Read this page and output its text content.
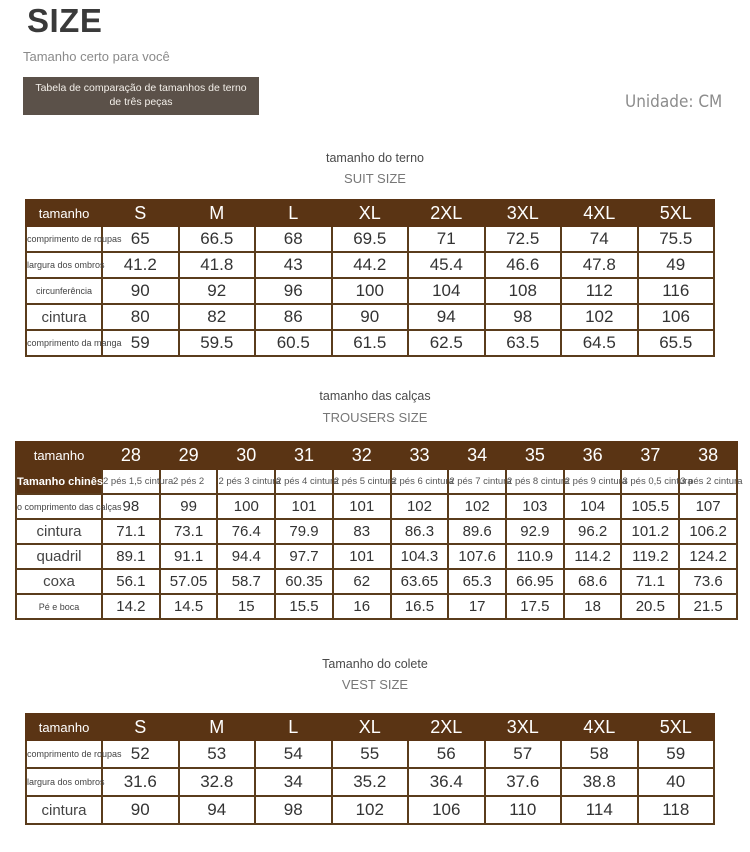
SIZE
Tamanho certo para você
Tabela de comparação de tamanhos de terno de três peças	Unidade: CM
tamanho do terno
SUIT SIZE
tamanho	S	M	L	XL	2XL	3XL	4XL	5XL
comprimento de roupas	65	66.5	68	69.5	71	72.5	74	75.5
largura dos ombros	41.2	41.8	43	44.2	45.4	46.6	47.8	49
circunferência	90	92	96	100	104	108	112	116
cintura	80	82	86	90	94	98	102	106
comprimento da manga	59	59.5	60.5	61.5	62.5	63.5	64.5	65.5
tamanho das calças
TROUSERS SIZE
tamanho	28	29	30	31	32	33	34	35	36	37	38
Tamanho chinês	2 pés 1,5 cintura	2 pés 2	2 pés 3 cintura	2 pés 4 cintura	2 pés 5 cintura	2 pés 6 cintura	2 pés 7 cintura	2 pés 8 cintura	2 pés 9 cintura	3 pés 0,5 cintura	3 pés 2 cintura
o comprimento das calças	98	99	100	101	101	102	102	103	104	105.5	107
cintura	71.1	73.1	76.4	79.9	83	86.3	89.6	92.9	96.2	101.2	106.2
quadril	89.1	91.1	94.4	97.7	101	104.3	107.6	110.9	114.2	119.2	124.2
coxa	56.1	57.05	58.7	60.35	62	63.65	65.3	66.95	68.6	71.1	73.6
Pé e boca	14.2	14.5	15	15.5	16	16.5	17	17.5	18	20.5	21.5
Tamanho do colete
VEST SIZE
tamanho	S	M	L	XL	2XL	3XL	4XL	5XL
comprimento de roupas	52	53	54	55	56	57	58	59
largura dos ombros	31.6	32.8	34	35.2	36.4	37.6	38.8	40
cintura	90	94	98	102	106	110	114	118
